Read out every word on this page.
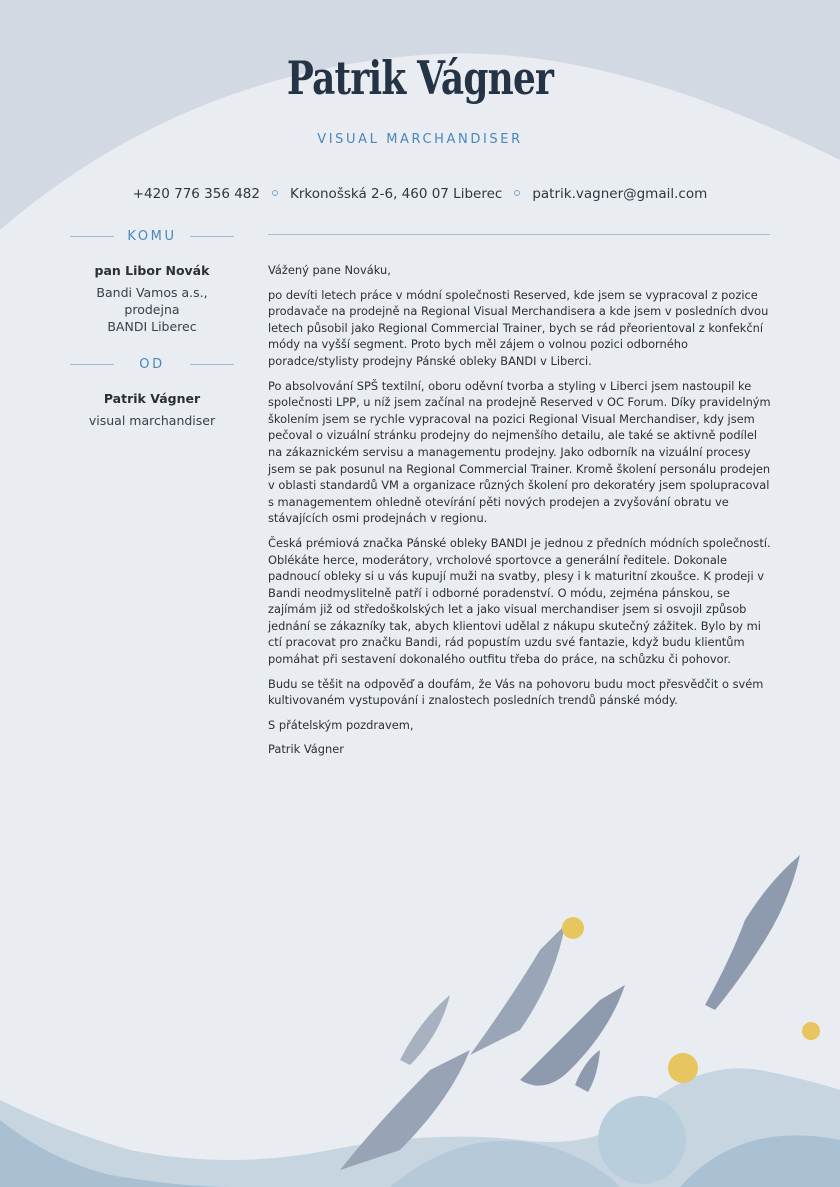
Patrik Vágner
VISUAL MARCHANDISER
+420 776 356 482 Krkonošská 2-6, 460 07 Liberec patrik.vagner@gmail.com
KOMU
pan Libor Novák
Bandi Vamos a.s., prodejna
BANDI Liberec
OD
Patrik Vágner
visual marchandiser

Vážený pane Nováku,

po devíti letech práce v módní společnosti Reserved, kde jsem se vypracoval z pozice prodavače na prodejně na Regional Visual Merchandisera a kde jsem v posledních dvou letech působil jako Regional Commercial Trainer, bych se rád přeorientoval z konfekční módy na vyšší segment. Proto bych měl zájem o volnou pozici odborného poradce/stylisty prodejny Pánské obleky BANDI v Liberci.

Po absolvování SPŠ textilní, oboru oděvní tvorba a styling v Liberci jsem nastoupil ke společnosti LPP, u níž jsem začínal na prodejně Reserved v OC Forum. Díky pravidelným školením jsem se rychle vypracoval na pozici Regional Visual Merchandiser, kdy jsem pečoval o vizuální stránku prodejny do nejmenšího detailu, ale také se aktivně podílel na zákaznickém servisu a managementu prodejny. Jako odborník na vizuální procesy jsem se pak posunul na Regional Commercial Trainer. Kromě školení personálu prodejen v oblasti standardů VM a organizace různých školení pro dekoratéry jsem spolupracoval s managementem ohledně otevírání pěti nových prodejen a zvyšování obratu ve stávajících osmi prodejnách v regionu.

Česká prémiová značka Pánské obleky BANDI je jednou z předních módních společností. Oblékáte herce, moderátory, vrcholové sportovce a generální ředitele. Dokonale padnoucí obleky si u vás kupují muži na svatby, plesy i k maturitní zkoušce. K prodeji v Bandi neodmyslitelně patří i odborné poradenství. O módu, zejména pánskou, se zajímám již od středoškolských let a jako visual merchandiser jsem si osvojil způsob jednání se zákazníky tak, abych klientovi udělal z nákupu skutečný zážitek. Bylo by mi ctí pracovat pro značku Bandi, rád popustím uzdu své fantazie, když budu klientům pomáhat při sestavení dokonalého outfitu třeba do práce, na schůzku či pohovor.

Budu se těšit na odpověď a doufám, že Vás na pohovoru budu moct přesvědčit o svém kultivovaném vystupování i znalostech posledních trendů pánské módy.

S přátelským pozdravem,

Patrik Vágner
